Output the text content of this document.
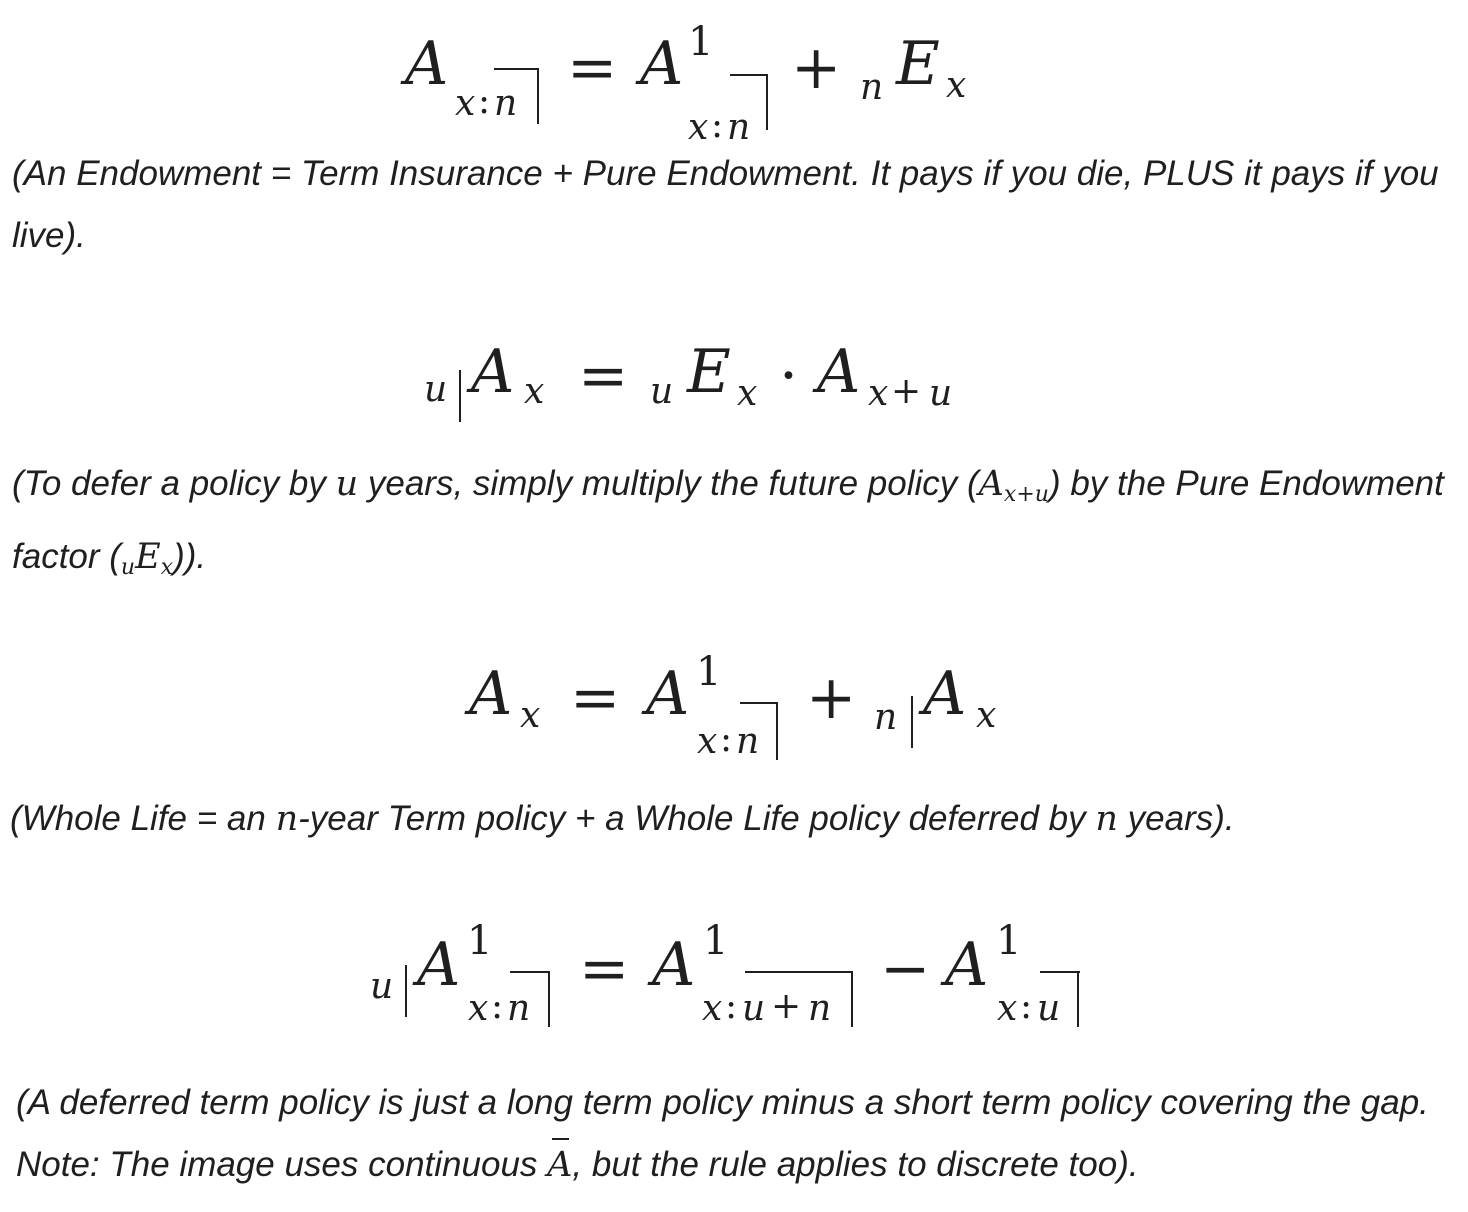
A
x : n
= A 1
x : n
+ n E x

(An Endowment = Term Insurance + Pure Endowment. It pays if you die, PLUS it pays if you live).

u A x = u E x · A x + u

(To defer a policy by u years, simply multiply the future policy (Ax+u) by the Pure Endowment factor (uEx)).

A x = A 1
x : n
+ n A x

(Whole Life = an n-year Term policy + a Whole Life policy deferred by n years).

u A 1
x : n
= A 1
x : u + n
− A 1
x : u

(A deferred term policy is just a long term policy minus a short term policy covering the gap. Note: The image uses continuous A, but the rule applies to discrete too).
